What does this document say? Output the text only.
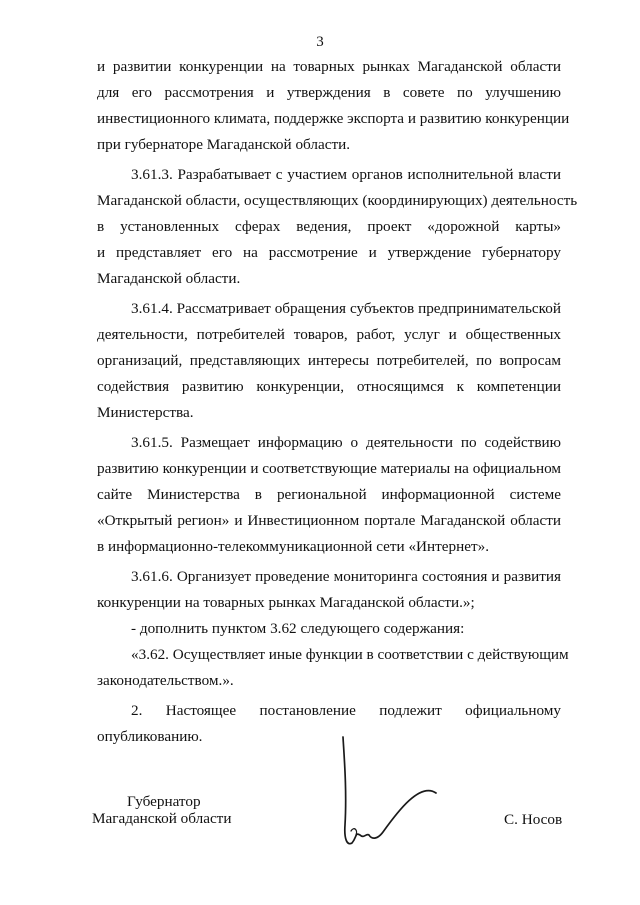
3
и развитии конкуренции на товарных рынках Магаданской области
для его рассмотрения и утверждения в совете по улучшению
инвестиционного климата, поддержке экспорта и развитию конкуренции
при губернаторе Магаданской области.
3.61.3. Разрабатывает с участием органов исполнительной власти
Магаданской области, осуществляющих (координирующих) деятельность
в установленных сферах ведения, проект «дорожной карты»
и представляет его на рассмотрение и утверждение губернатору
Магаданской области.
3.61.4. Рассматривает обращения субъектов предпринимательской
деятельности, потребителей товаров, работ, услуг и общественных
организаций, представляющих интересы потребителей, по вопросам
содействия развитию конкуренции, относящимся к компетенции
Министерства.
3.61.5. Размещает информацию о деятельности по содействию
развитию конкуренции и соответствующие материалы на официальном
сайте Министерства в региональной информационной системе
«Открытый регион» и Инвестиционном портале Магаданской области
в информационно-телекоммуникационной сети «Интернет».
3.61.6. Организует проведение мониторинга состояния и развития
конкуренции на товарных рынках Магаданской области.»;
- дополнить пунктом 3.62 следующего содержания:
«3.62. Осуществляет иные функции в соответствии с действующим
законодательством.».
2. Настоящее постановление подлежит официальному
опубликованию.
Губернатор
Магаданской области	С. Носов
